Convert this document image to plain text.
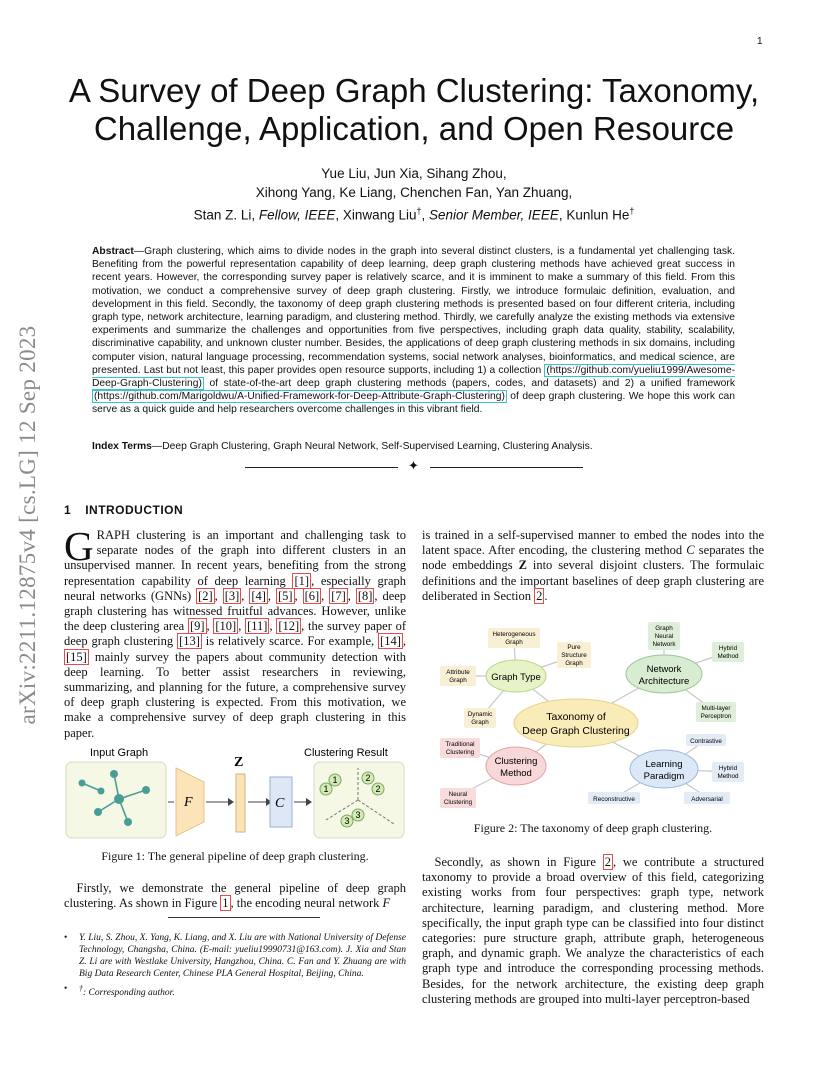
1
A Survey of Deep Graph Clustering: Taxonomy, Challenge, Application, and Open Resource
Yue Liu, Jun Xia, Sihang Zhou,
Xihong Yang, Ke Liang, Chenchen Fan, Yan Zhuang,
Stan Z. Li, Fellow, IEEE, Xinwang Liu†, Senior Member, IEEE, Kunlun He†
arXiv:2211.12875v4 [cs.LG] 12 Sep 2023
Abstract—Graph clustering, which aims to divide nodes in the graph into several distinct clusters, is a fundamental yet challenging task. Benefiting from the powerful representation capability of deep learning, deep graph clustering methods have achieved great success in recent years. However, the corresponding survey paper is relatively scarce, and it is imminent to make a summary of this field. From this motivation, we conduct a comprehensive survey of deep graph clustering. Firstly, we introduce formulaic definition, evaluation, and development in this field. Secondly, the taxonomy of deep graph clustering methods is presented based on four different criteria, including graph type, network architecture, learning paradigm, and clustering method. Thirdly, we carefully analyze the existing methods via extensive experiments and summarize the challenges and opportunities from five perspectives, including graph data quality, stability, scalability, discriminative capability, and unknown cluster number. Besides, the applications of deep graph clustering methods in six domains, including computer vision, natural language processing, recommendation systems, social network analyses, bioinformatics, and medical science, are presented. Last but not least, this paper provides open resource supports, including 1) a collection (https://github.com/yueliu1999/Awesome-Deep-Graph-Clustering) of state-of-the-art deep graph clustering methods (papers, codes, and datasets) and 2) a unified framework (https://github.com/Marigoldwu/A-Unified-Framework-for-Deep-Attribute-Graph-Clustering) of deep graph clustering. We hope this work can serve as a quick guide and help researchers overcome challenges in this vibrant field.
Index Terms—Deep Graph Clustering, Graph Neural Network, Self-Supervised Learning, Clustering Analysis.
✦
1 INTRODUCTION
GRAPH clustering is an important and challenging task to separate nodes of the graph into different clusters in an unsupervised manner. In recent years, benefiting from the strong representation capability of deep learning [1] , especially graph neural networks (GNNs) [2] , [3] , [4] , [5] , [6] , [7] , [8] , deep graph clustering has witnessed fruitful advances. However, unlike the deep clustering area [9] , [10] , [11] , [12] , the survey paper of deep graph clustering [13] is relatively scarce. For example, [14] , [15] mainly survey the papers about community detection with deep learning. To better assist researchers in reviewing, summarizing, and planning for the future, a comprehensive survey of deep graph clustering is expected. From this motivation, we make a comprehensive survey of deep graph clustering in this paper.
is trained in a self-supervised manner to embed the nodes into the latent space. After encoding, the clustering method C separates the node embeddings Z into several disjoint clusters. The formulaic definitions and the important baselines of deep graph clustering are deliberated in Section 2 .
Input Graph
F
Z
C
Clustering Result
1
1
2
2
3
3
Figure 1: The general pipeline of deep graph clustering.
 Firstly, we demonstrate the general pipeline of deep graph clustering. As shown in Figure 1 , the encoding neural network F
• Y. Liu, S. Zhou, X. Yang, K. Liang, and X. Liu are with National University of Defense Technology, Changsha, China. (E-mail: yueliu19990731@163.com). J. Xia and Stan Z. Li are with Westlake University, Hangzhou, China. C. Fan and Y. Zhuang are with Big Data Research Center, Chinese PLA General Hospital, Beijing, China.
• †: Corresponding author.
Taxonomy of
Deep Graph Clustering
Graph Type
Network
Architecture
Clustering
Method
Learning
Paradigm
Heterogeneous
Graph
Pure
Structure
Graph
Attribute
Graph
Dynamic
Graph
Graph
Neural
Network
Hybrid
Method
Multi-layer
Perceptron
Contrastive
Hybrid
Method
Reconstructive	Adversarial
Traditional
Clustering
Neural
Clustering
Figure 2: The taxonomy of deep graph clustering.
 Secondly, as shown in Figure 2 , we contribute a structured taxonomy to provide a broad overview of this field, categorizing existing works from four perspectives: graph type, network architecture, learning paradigm, and clustering method. More specifically, the input graph type can be classified into four distinct categories: pure structure graph, attribute graph, heterogeneous graph, and dynamic graph. We analyze the characteristics of each graph type and introduce the corresponding processing methods. Besides, for the network architecture, the existing deep graph clustering methods are grouped into multi-layer perceptron-based
